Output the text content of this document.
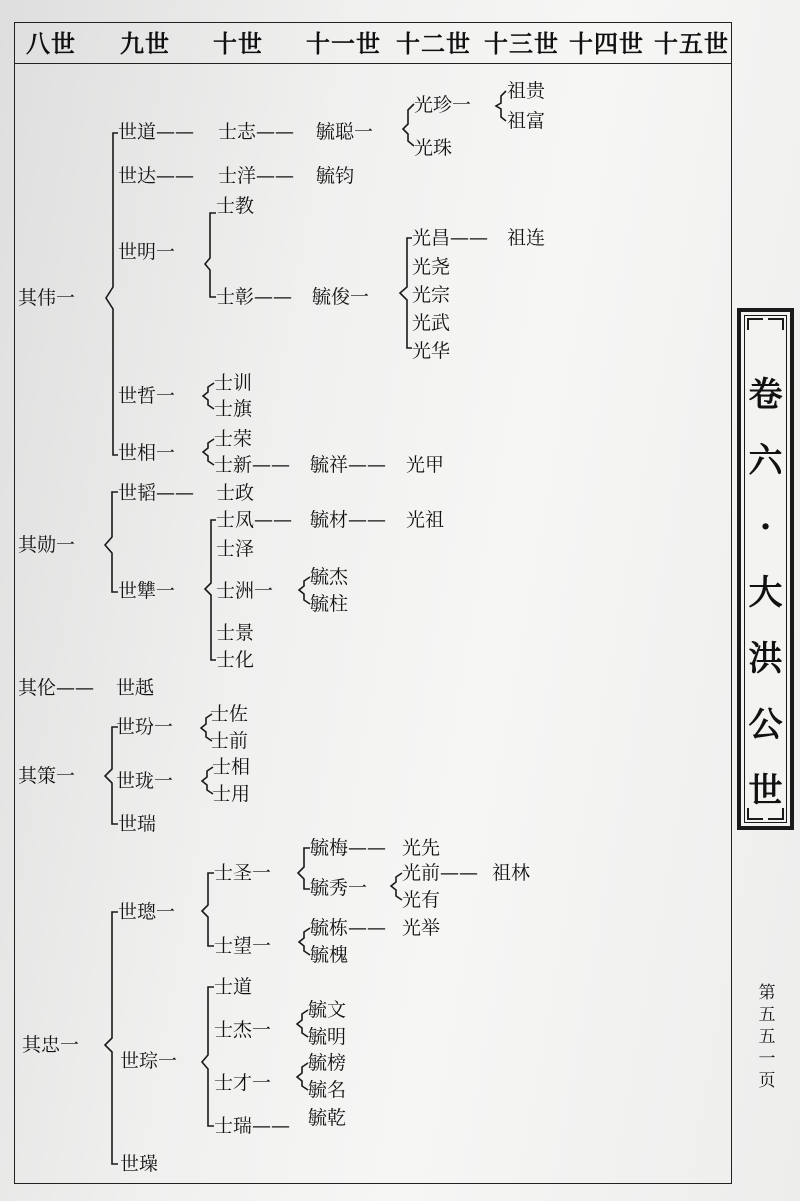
八世 九世 十世 十一世 十二世 十三世 十四世 十五世
其伟一
世道—— 士志—— 毓聪一
光珍一
祖贵
祖富
光珠
世达—— 士洋—— 毓钧
世明一
士教
士彰—— 毓俊一
光昌—— 祖连
光尧
光宗
光武
光华
世哲一
士训
士旗
世相一
士荣
士新—— 毓祥—— 光甲
其勋一
世韬—— 士政
世犨一
士凤—— 毓材—— 光祖
士泽
士洲一
毓杰
毓柱
士景
士化
其伦—— 世赿
其策一
世玢一
士佐
士前
世珑一
士相
士用
世瑞
其忠一
世璁一
士圣一
毓梅—— 光先
毓秀一
光前—— 祖林
光有
士望一
毓栋—— 光举
毓槐
世琮一
士道
士杰一
毓文
毓明
士才一
毓榜
毓名
士瑞—— 毓乾
世璪
卷
六
·
大
洪
公
世
第
五
五
一
页
